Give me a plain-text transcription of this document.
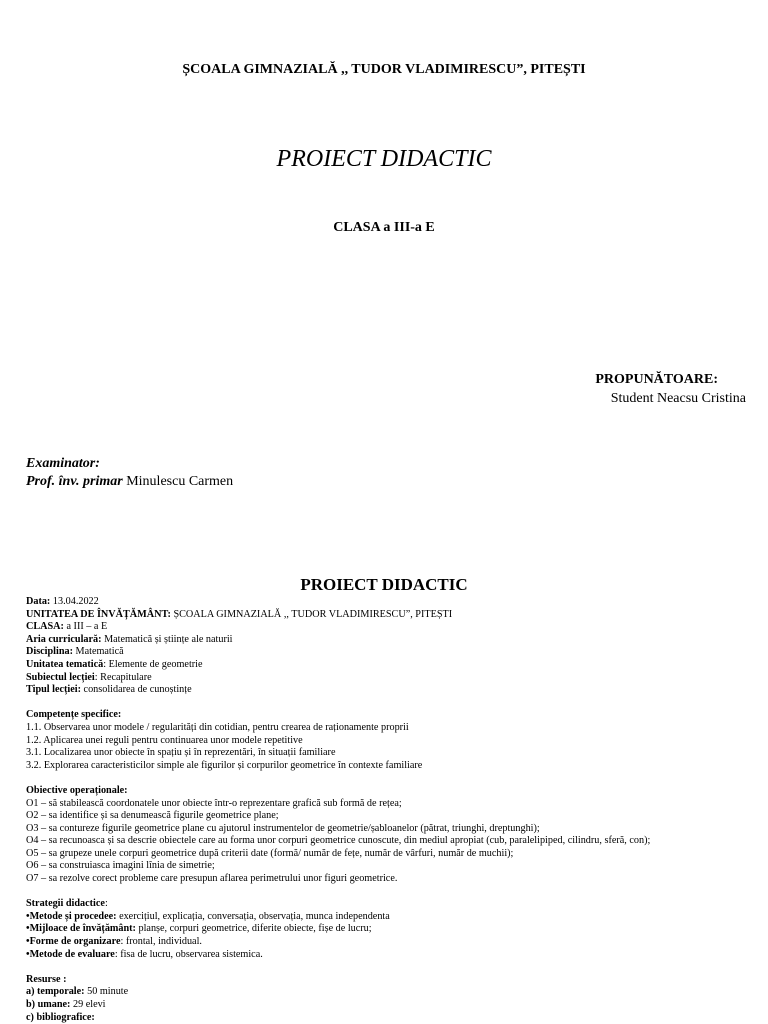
ȘCOALA GIMNAZIALĂ ,, TUDOR VLADIMIRESCU”, PITEȘTI
PROIECT DIDACTIC
CLASA a III-a E
PROPUNĂTOARE:
Student Neacsu Cristina
Examinator:
Prof. înv. primar Minulescu Carmen
PROIECT DIDACTIC
Data: 13.04.2022
UNITATEA DE ÎNVĂȚĂMÂNT: ȘCOALA GIMNAZIALĂ ,, TUDOR VLADIMIRESCU”, PITEȘTI
CLASA: a III – a E
Aria curriculară: Matematică și științe ale naturii
Disciplina: Matematică
Unitatea tematică: Elemente de geometrie
Subiectul lecției: Recapitulare
Tipul lecției: consolidarea de cunoștințe
Competențe specifice:
1.1. Observarea unor modele / regularități din cotidian, pentru crearea de raționamente proprii
1.2. Aplicarea unei reguli pentru continuarea unor modele repetitive
3.1. Localizarea unor obiecte în spațiu și în reprezentări, în situații familiare
3.2. Explorarea caracteristicilor simple ale figurilor și corpurilor geometrice în contexte familiare
Obiective operaționale:
O1 – să stabilească coordonatele unor obiecte într-o reprezentare grafică sub formă de rețea;
O2 – sa identifice și sa denumească figurile geometrice plane;
O3 – sa contureze figurile geometrice plane cu ajutorul instrumentelor de geometrie/șabloanelor (pătrat, triunghi, dreptunghi);
O4 – sa recunoasca și sa descrie obiectele care au forma unor corpuri geometrice cunoscute, din mediul apropiat (cub, paralelipiped, cilindru, sferă, con);
O5 – sa grupeze unele corpuri geometrice după criterii date (formă/ număr de fețe, număr de vârfuri, număr de muchii);
O6 – sa construiasca imagini lînia de simetrie;
O7 – sa rezolve corect probleme care presupun aflarea perimetrului unor figuri geometrice.
Strategii didactice:
•Metode și procedee: exercițiul, explicația, conversația, observația, munca independenta
•Mijloace de învățământ: planșe, corpuri geometrice, diferite obiecte, fișe de lucru;
•Forme de organizare: frontal, individual.
•Metode de evaluare: fisa de lucru, observarea sistemica.
Resurse :
a) temporale: 50 minute
b) umane: 29 elevi
c) bibliografice:
